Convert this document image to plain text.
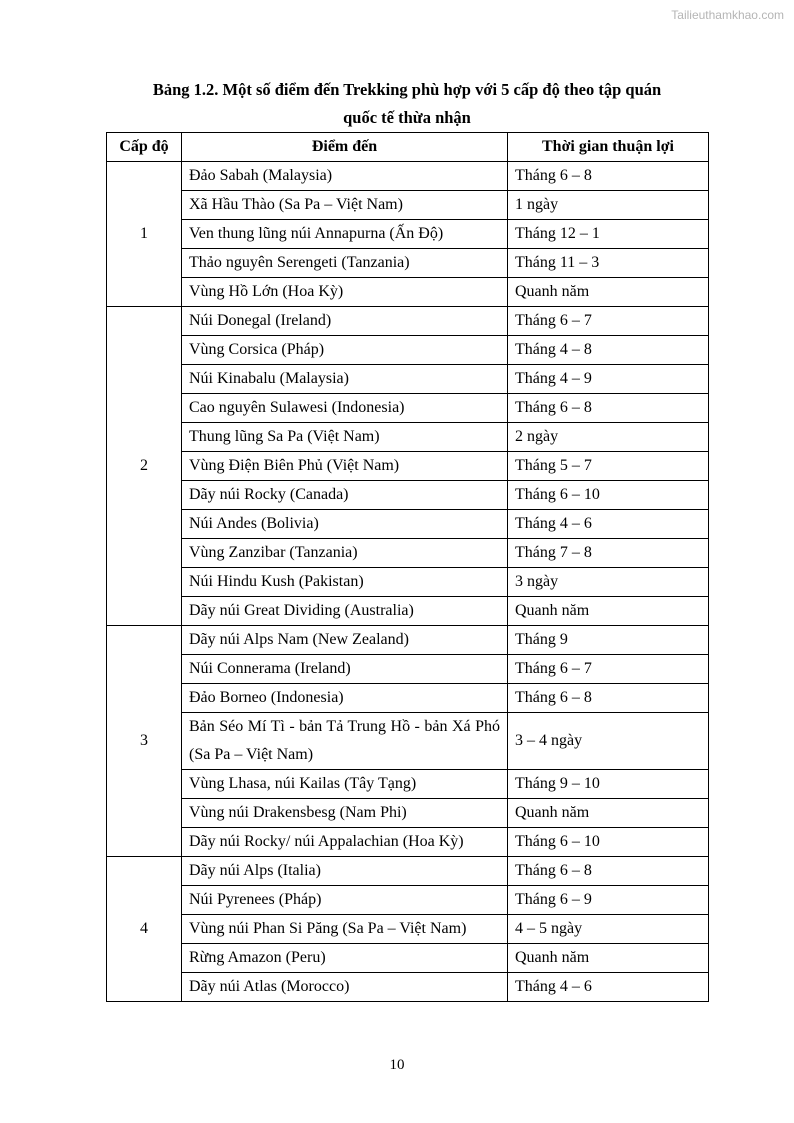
Tailieuthamkhao.com
Bảng 1.2. Một số điểm đến Trekking phù hợp với 5 cấp độ theo tập quán
quốc tế thừa nhận
Cấp độ	Điểm đến	Thời gian thuận lợi
1	Đảo Sabah (Malaysia)	Tháng 6 – 8
	Xã Hầu Thào (Sa Pa – Việt Nam)	1 ngày
	Ven thung lũng núi Annapurna (Ấn Độ)	Tháng 12 – 1
	Thảo nguyên Serengeti (Tanzania)	Tháng 11 – 3
	Vùng Hồ Lớn (Hoa Kỳ)	Quanh năm
2	Núi Donegal (Ireland)	Tháng 6 – 7
	Vùng Corsica (Pháp)	Tháng 4 – 8
	Núi Kinabalu (Malaysia)	Tháng 4 – 9
	Cao nguyên Sulawesi (Indonesia)	Tháng 6 – 8
	Thung lũng Sa Pa (Việt Nam)	2 ngày
	Vùng Điện Biên Phủ (Việt Nam)	Tháng 5 – 7
	Dãy núi Rocky (Canada)	Tháng 6 – 10
	Núi Andes (Bolivia)	Tháng 4 – 6
	Vùng Zanzibar (Tanzania)	Tháng 7 – 8
	Núi Hindu Kush (Pakistan)	3 ngày
	Dãy núi Great Dividing (Australia)	Quanh năm
3	Dãy núi Alps Nam (New Zealand)	Tháng 9
	Núi Connerama (Ireland)	Tháng 6 – 7
	Đảo Borneo (Indonesia)	Tháng 6 – 8
	Bản Séo Mí Tì - bản Tả Trung Hồ - bản Xá Phó (Sa Pa – Việt Nam)	3 – 4 ngày
	Vùng Lhasa, núi Kailas (Tây Tạng)	Tháng 9 – 10
	Vùng núi Drakensbesg (Nam Phi)	Quanh năm
	Dãy núi Rocky/ núi Appalachian (Hoa Kỳ)	Tháng 6 – 10
4	Dãy núi Alps (Italia)	Tháng 6 – 8
	Núi Pyrenees (Pháp)	Tháng 6 – 9
	Vùng núi Phan Si Păng (Sa Pa – Việt Nam)	4 – 5 ngày
	Rừng Amazon (Peru)	Quanh năm
	Dãy núi Atlas (Morocco)	Tháng 4 – 6
10
